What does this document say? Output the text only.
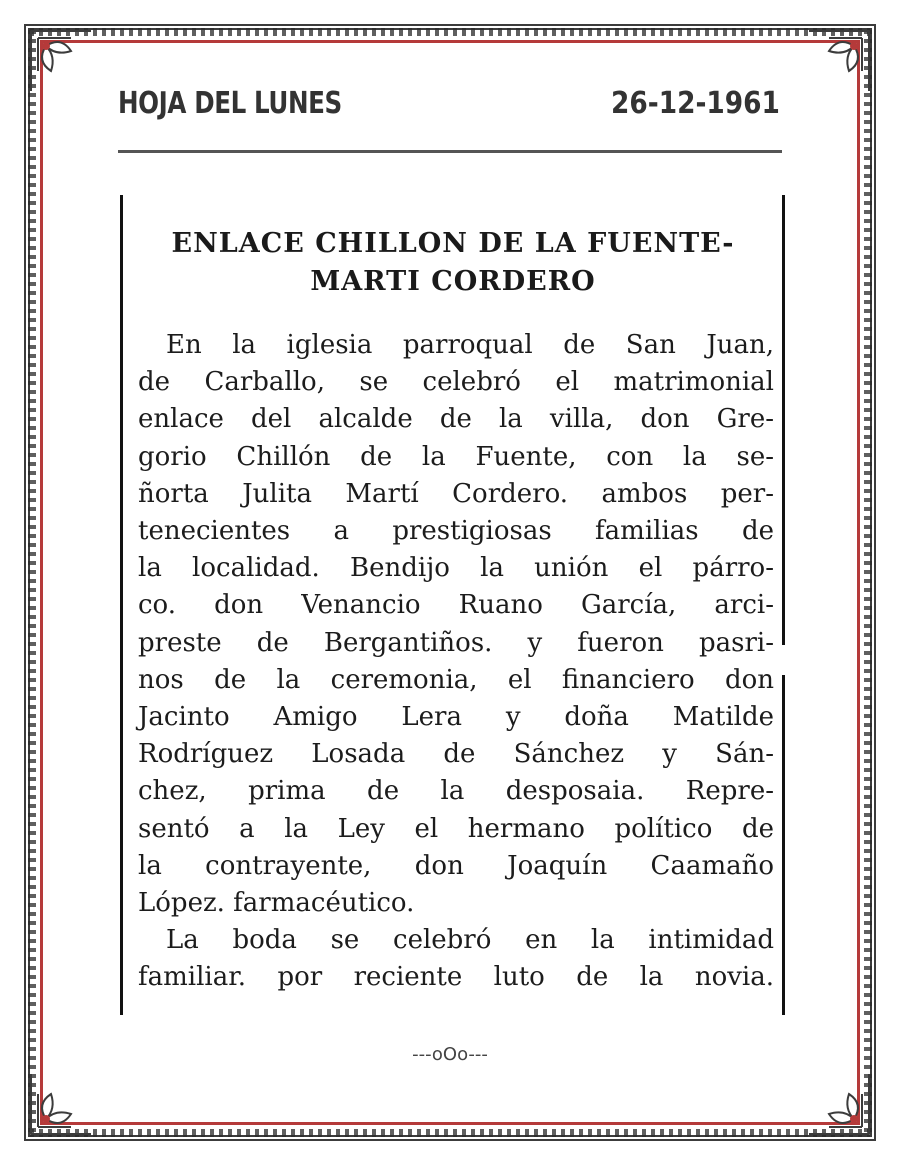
HOJA DEL LUNES	26-12-1961
ENLACE CHILLON DE LA FUENTE-
MARTI CORDERO
En la iglesia parroqual de San Juan,
de Carballo, se celebró el matrimonial
enlace del alcalde de la villa, don Gre-
gorio Chillón de la Fuente, con la se-
ñorta Julita Martí Cordero. ambos per-
tenecientes a prestigiosas familias de
la localidad. Bendijo la unión el párro-
co. don Venancio Ruano García, arci-
preste de Bergantiños. y fueron pasri-
nos de la ceremonia, el financiero don
Jacinto Amigo Lera y doña Matilde
Rodríguez Losada de Sánchez y Sán-
chez, prima de la desposaia. Repre-
sentó a la Ley el hermano político de
la contrayente, don Joaquín Caamaño
López. farmacéutico.
La boda se celebró en la intimidad
familiar. por reciente luto de la novia.
---oOo---
